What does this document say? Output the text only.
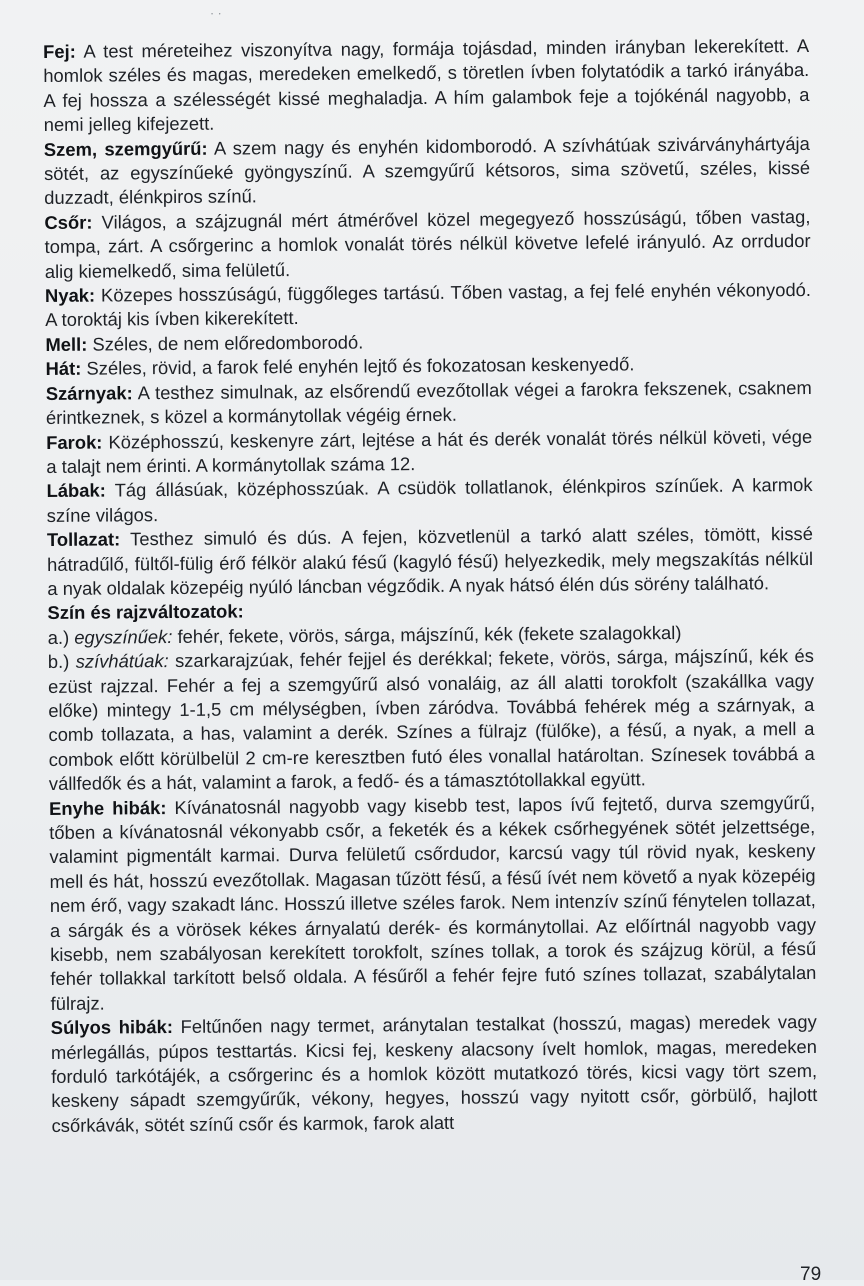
• •

Fej: A test méreteihez viszonyítva nagy, formája tojásdad, minden irányban lekerekített. A homlok széles és magas, meredeken emelkedő, s töretlen ívben folytatódik a tarkó irányába. A fej hossza a szélességét kissé meghaladja. A hím galambok feje a tojókénál nagyobb, a nemi jelleg kifejezett.

Szem, szemgyűrű: A szem nagy és enyhén kidomborodó. A szívhátúak szivárványhártyája sötét, az egyszínűeké gyöngyszínű. A szemgyűrű kétsoros, sima szövetű, széles, kissé duzzadt, élénkpiros színű.

Csőr: Világos, a szájzugnál mért átmérővel közel megegyező hosszúságú, tőben vastag, tompa, zárt. A csőrgerinc a homlok vonalát törés nélkül követve lefelé irányuló. Az orrdudor alig kiemelkedő, sima felületű.

Nyak: Közepes hosszúságú, függőleges tartású. Tőben vastag, a fej felé enyhén vékonyodó. A toroktáj kis ívben kikerekített.

Mell: Széles, de nem előredomborodó.

Hát: Széles, rövid, a farok felé enyhén lejtő és fokozatosan keskenyedő.

Szárnyak: A testhez simulnak, az elsőrendű evezőtollak végei a farokra fekszenek, csaknem érintkeznek, s közel a kormánytollak végéig érnek.

Farok: Középhosszú, keskenyre zárt, lejtése a hát és derék vonalát törés nélkül követi, vége a talajt nem érinti. A kormánytollak száma 12.

Lábak: Tág állásúak, középhosszúak. A csüdök tollatlanok, élénkpiros színűek. A karmok színe világos.

Tollazat: Testhez simuló és dús. A fejen, közvetlenül a tarkó alatt széles, tömött, kissé hátradűlő, fültől-fülig érő félkör alakú fésű (kagyló fésű) helyezkedik, mely megszakítás nélkül a nyak oldalak közepéig nyúló láncban végződik. A nyak hátsó élén dús sörény található.

Szín és rajzváltozatok:

a.) egyszínűek: fehér, fekete, vörös, sárga, májszínű, kék (fekete szalagokkal)

b.) szívhátúak: szarkarajzúak, fehér fejjel és derékkal; fekete, vörös, sárga, májszínű, kék és ezüst rajzzal. Fehér a fej a szemgyűrű alsó vonaláig, az áll alatti torokfolt (szakállka vagy előke) mintegy 1-1,5 cm mélységben, ívben záródva. Továbbá fehérek még a szárnyak, a comb tollazata, a has, valamint a derék. Színes a fülrajz (fülőke), a fésű, a nyak, a mell a combok előtt körülbelül 2 cm-re keresztben futó éles vonallal határoltan. Színesek továbbá a vállfedők és a hát, valamint a farok, a fedő- és a támasztótollakkal együtt.

Enyhe hibák: Kívánatosnál nagyobb vagy kisebb test, lapos ívű fejtető, durva szemgyűrű, tőben a kívánatosnál vékonyabb csőr, a feketék és a kékek csőrhegyének sötét jelzettsége, valamint pigmentált karmai. Durva felületű csőrdudor, karcsú vagy túl rövid nyak, keskeny mell és hát, hosszú evezőtollak. Magasan tűzött fésű, a fésű ívét nem követő a nyak közepéig nem érő, vagy szakadt lánc. Hosszú illetve széles farok. Nem intenzív színű fénytelen tollazat, a sárgák és a vörösek kékes árnyalatú derék- és kormánytollai. Az előírtnál nagyobb vagy kisebb, nem szabályosan kerekített torokfolt, színes tollak, a torok és szájzug körül, a fésű fehér tollakkal tarkított belső oldala. A fésűről a fehér fejre futó színes tollazat, szabálytalan fülrajz.

Súlyos hibák: Feltűnően nagy termet, aránytalan testalkat (hosszú, magas) meredek vagy mérlegállás, púpos testtartás. Kicsi fej, keskeny alacsony ívelt homlok, magas, meredeken forduló tarkótájék, a csőrgerinc és a homlok között mutatkozó törés, kicsi vagy tört szem, keskeny sápadt szemgyűrűk, vékony, hegyes, hosszú vagy nyitott csőr, görbülő, hajlott csőrkávák, sötét színű csőr és karmok, farok alatt

79
